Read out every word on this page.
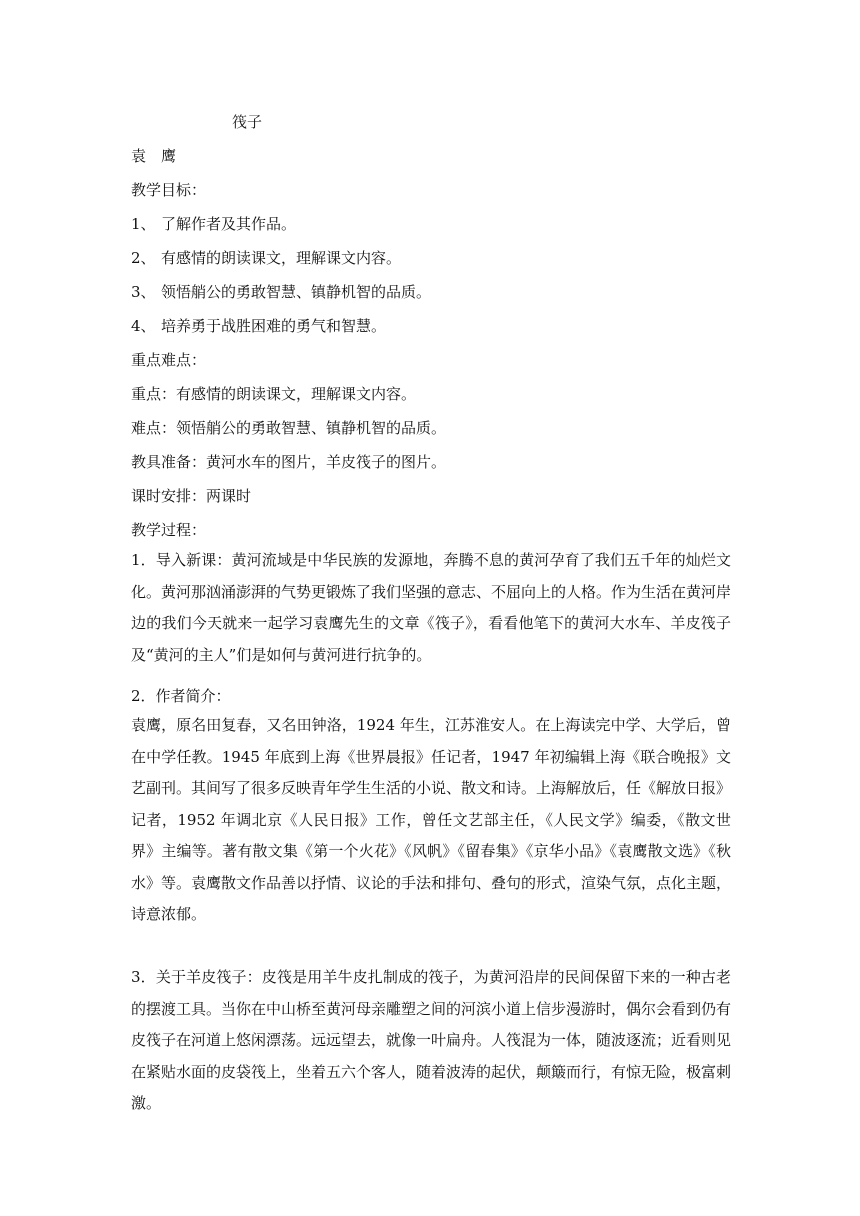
筏子
袁　鹰
教学目标：
1、 了解作者及其作品。
2、 有感情的朗读课文，理解课文内容。
3、 领悟艄公的勇敢智慧、镇静机智的品质。
4、 培养勇于战胜困难的勇气和智慧。
重点难点：
重点：有感情的朗读课文，理解课文内容。
难点：领悟艄公的勇敢智慧、镇静机智的品质。
教具准备：黄河水车的图片，羊皮筏子的图片。
课时安排：两课时
教学过程：
1．导入新课：黄河流域是中华民族的发源地，奔腾不息的黄河孕育了我们五千年的灿烂文化。黄河那汹涌澎湃的气势更锻炼了我们坚强的意志、不屈向上的人格。作为生活在黄河岸边的我们今天就来一起学习袁鹰先生的文章《筏子》，看看他笔下的黄河大水车、羊皮筏子及“黄河的主人”们是如何与黄河进行抗争的。
2．作者简介：
袁鹰，原名田复春，又名田钟洛，1924 年生，江苏淮安人。在上海读完中学、大学后，曾在中学任教。1945 年底到上海《世界晨报》任记者，1947 年初编辑上海《联合晚报》文艺副刊。其间写了很多反映青年学生生活的小说、散文和诗。上海解放后，任《解放日报》记者，1952 年调北京《人民日报》工作，曾任文艺部主任，《人民文学》编委，《散文世界》主编等。著有散文集《第一个火花》《风帆》《留春集》《京华小品》《袁鹰散文选》《秋水》等。袁鹰散文作品善以抒情、议论的手法和排句、叠句的形式，渲染气氛，点化主题，诗意浓郁。
3．关于羊皮筏子：皮筏是用羊牛皮扎制成的筏子，为黄河沿岸的民间保留下来的一种古老的摆渡工具。当你在中山桥至黄河母亲雕塑之间的河滨小道上信步漫游时，偶尔会看到仍有皮筏子在河道上悠闲漂荡。远远望去，就像一叶扁舟。人筏混为一体，随波逐流；近看则见在紧贴水面的皮袋筏上，坐着五六个客人，随着波涛的起伏，颠簸而行，有惊无险，极富刺激。
